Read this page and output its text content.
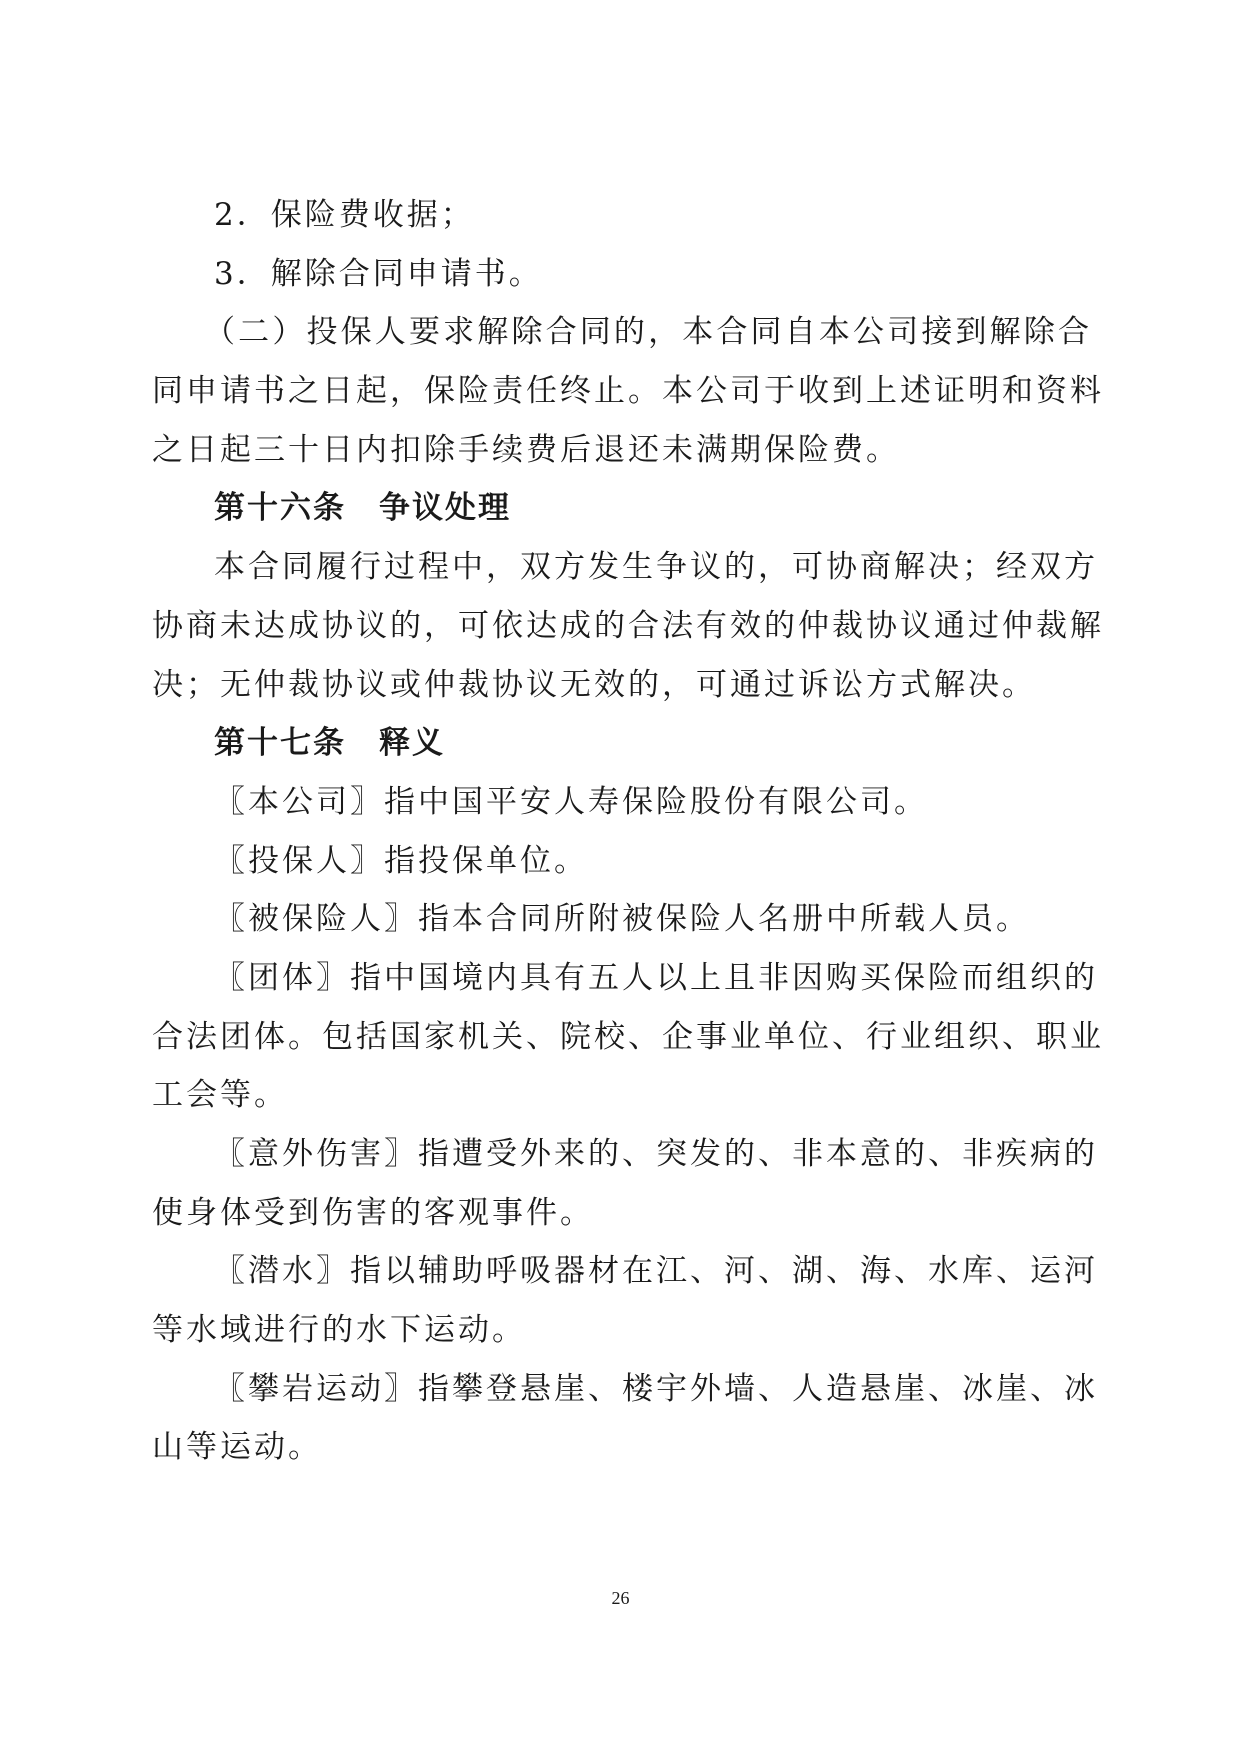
2．保险费收据；
3．解除合同申请书。
（二）投保人要求解除合同的，本合同自本公司接到解除合
同申请书之日起，保险责任终止。本公司于收到上述证明和资料
之日起三十日内扣除手续费后退还未满期保险费。
第十六条　争议处理
本合同履行过程中，双方发生争议的，可协商解决；经双方
协商未达成协议的，可依达成的合法有效的仲裁协议通过仲裁解
决；无仲裁协议或仲裁协议无效的，可通过诉讼方式解决。
第十七条　释义
〖本公司〗指中国平安人寿保险股份有限公司。
〖投保人〗指投保单位。
〖被保险人〗指本合同所附被保险人名册中所载人员。
〖团体〗指中国境内具有五人以上且非因购买保险而组织的
合法团体。包括国家机关、院校、企事业单位、行业组织、职业
工会等。
〖意外伤害〗指遭受外来的、突发的、非本意的、非疾病的
使身体受到伤害的客观事件。
〖潜水〗指以辅助呼吸器材在江、河、湖、海、水库、运河
等水域进行的水下运动。
〖攀岩运动〗指攀登悬崖、楼宇外墙、人造悬崖、冰崖、冰
山等运动。
26
